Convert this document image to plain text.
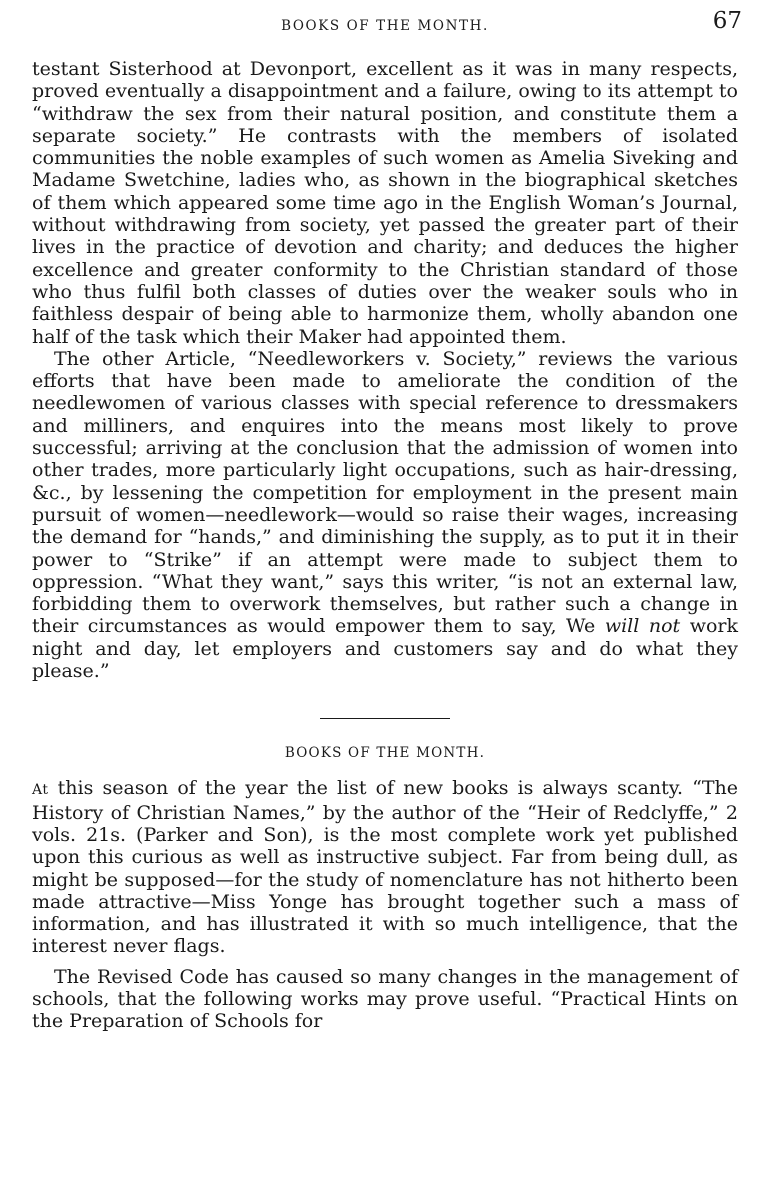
BOOKS OF THE MONTH.	67

testant Sisterhood at Devonport, excellent as it was in many respects, proved eventually a disappointment and a failure, owing to its attempt to “withdraw the sex from their natural position, and constitute them a separate society.” He contrasts with the members of isolated communities the noble examples of such women as Amelia Siveking and Madame Swetchine, ladies who, as shown in the biographical sketches of them which appeared some time ago in the English Woman’s Journal, without withdrawing from society, yet passed the greater part of their lives in the practice of devotion and charity; and deduces the higher excellence and greater conformity to the Christian standard of those who thus fulfil both classes of duties over the weaker souls who in faithless despair of being able to harmonize them, wholly abandon one half of the task which their Maker had appointed them.

The other Article, “Needleworkers v. Society,” reviews the various efforts that have been made to ameliorate the condition of the needlewomen of various classes with special reference to dressmakers and milliners, and enquires into the means most likely to prove successful; arriving at the conclusion that the admission of women into other trades, more particularly light occupations, such as hair-dressing, &c., by lessening the competition for employment in the present main pursuit of women—needlework—would so raise their wages, increasing the demand for “hands,” and diminishing the supply, as to put it in their power to “Strike” if an attempt were made to subject them to oppression. “What they want,” says this writer, “is not an external law, forbidding them to overwork themselves, but rather such a change in their circumstances as would empower them to say, We will not work night and day, let employers and customers say and do what they please.”

BOOKS OF THE MONTH.

At this season of the year the list of new books is always scanty. “The History of Christian Names,” by the author of the “Heir of Redclyffe,” 2 vols. 21s. (Parker and Son), is the most complete work yet published upon this curious as well as instructive subject. Far from being dull, as might be supposed—for the study of nomenclature has not hitherto been made attractive—Miss Yonge has brought together such a mass of information, and has illustrated it with so much intelligence, that the interest never flags.

The Revised Code has caused so many changes in the management of schools, that the following works may prove useful. “Practical Hints on the Preparation of Schools for
